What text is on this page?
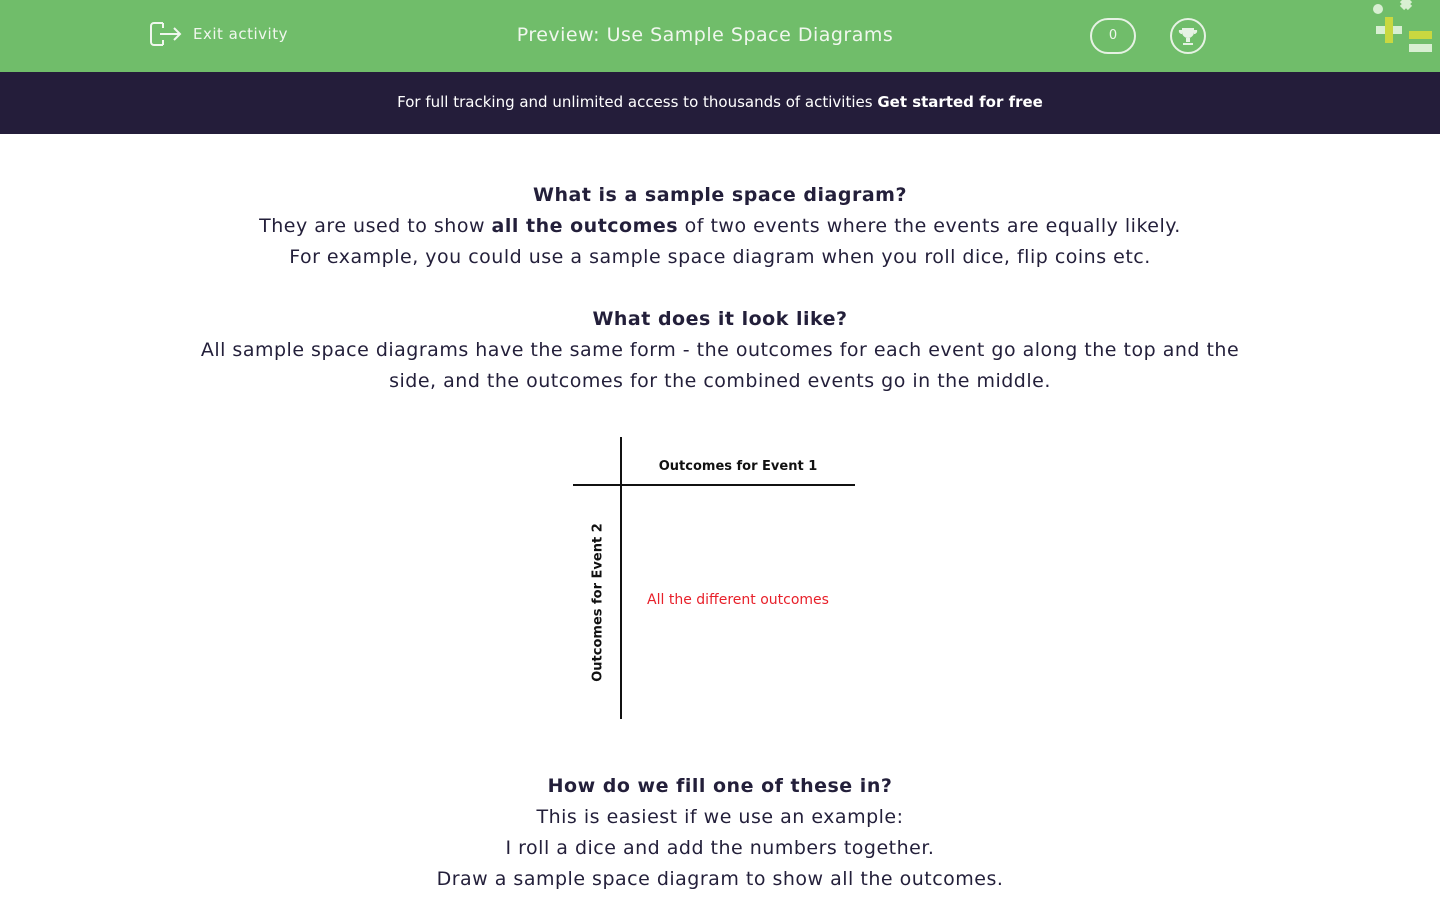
Exit activity	Preview: Use Sample Space Diagrams	0
For full tracking and unlimited access to thousands of activities Get started for free

What is a sample space diagram?

They are used to show all the outcomes of two events where the events are equally likely.

For example, you could use a sample space diagram when you roll dice, flip coins etc.

What does it look like?

All sample space diagrams have the same form - the outcomes for each event go along the top and the

side, and the outcomes for the combined events go in the middle.

Outcomes for Event 1
Outcomes for Event 2	All the different outcomes

How do we fill one of these in?

This is easiest if we use an example:

I roll a dice and add the numbers together.

Draw a sample space diagram to show all the outcomes.
